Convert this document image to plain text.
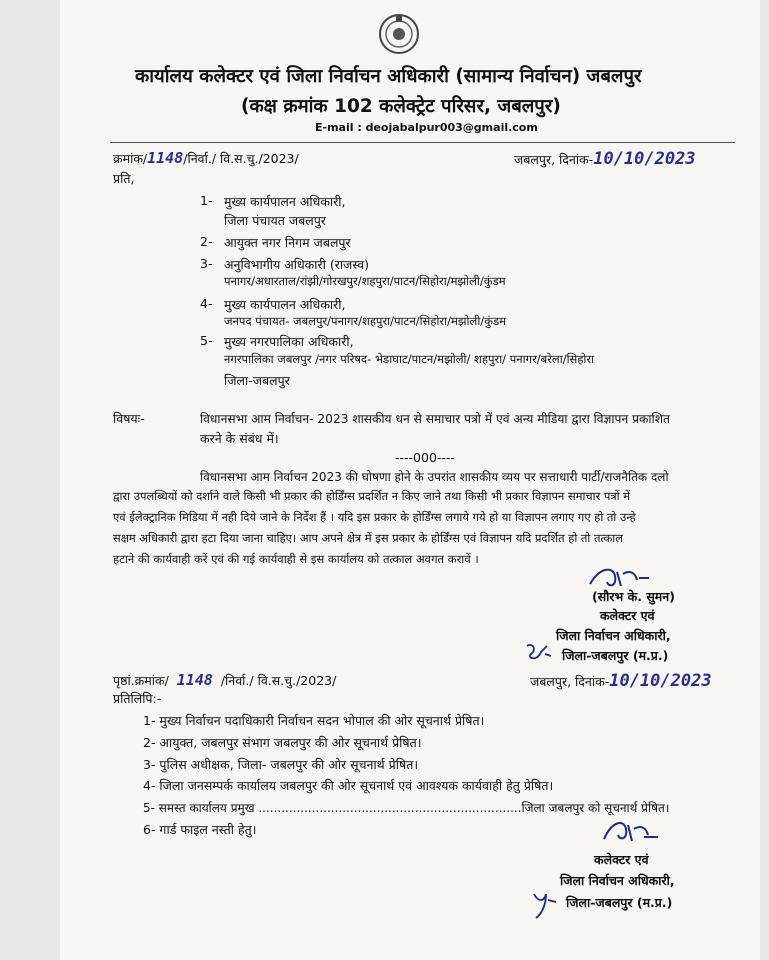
कार्यालय कलेक्टर एवं जिला निर्वाचन अधिकारी (सामान्य निर्वाचन) जबलपुर
(कक्ष क्रमांक 102 कलेक्ट्रेट परिसर, जबलपुर)
E-mail : deojabalpur003@gmail.com
क्रमांक/1148/निर्वा./ वि.स.चु./2023/	जबलपुर, दिनांक-10/10/2023
प्रति,
1- मुख्य कार्यपालन अधिकारी,
जिला पंचायत जबलपुर
2- आयुक्त नगर निगम जबलपुर
3- अनुविभागीय अधिकारी (राजस्व)
पनागर/अधारताल/रांझी/गोरखपुर/शहपुरा/पाटन/सिहोरा/मझोली/कुंडम
4- मुख्य कार्यपालन अधिकारी,
जनपद पंचायत- जबलपुर/पनागर/शहपुरा/पाटन/सिहोरा/मझोली/कुंडम
5- मुख्य नगरपालिका अधिकारी,
नगरपालिका जबलपुर /नगर परिषद- भेडाघाट/पाटन/मझोली/ शहपुरा/ पनागर/बरेला/सिहोरा
जिला-जबलपुर
विषयः-	विधानसभा आम निर्वाचन- 2023 शासकीय धन से समाचार पत्रो में एवं अन्य मीडिया द्वारा विज्ञापन प्रकाशित
करने के संबंध में।
----000----
विधानसभा आम निर्वाचन 2023 की घोषणा होने के उपरांत शासकीय व्यय पर सत्ताधारी पार्टी/राजनैतिक दलो
द्वारा उपलब्धियों को दर्शाने वाले किसी भी प्रकार की होर्डिंग्स प्रदर्शित न किए जाने तथा किसी भी प्रकार विज्ञापन समाचार पत्रों में
एवं ईलेक्ट्रानिक मिडिया में नही दिये जाने के निर्देश हैं । यदि इस प्रकार के होर्डिंग्स लगाये गये हो या विज्ञापन लगाए गए हो तो उन्हे
सक्षम अधिकारी द्वारा हटा दिया जाना चाहिए। आप अपने क्षेत्र में इस प्रकार के होर्डिंग्स एवं विज्ञापन यदि प्रदर्शित हो तो तत्काल
हटाने की कार्यवाही करें एवं की गई कार्यवाही से इस कार्यालय को तत्काल अवगत करावें ।
(सौरभ के. सुमन)
कलेक्टर एवं
जिला निर्वाचन अधिकारी,
जिला-जबलपुर (म.प्र.)
पृष्ठां.क्रमांक/ 1148 /निर्वा./ वि.स.चु./2023/	जबलपुर, दिनांक-10/10/2023
प्रतिलिपि:-
1- मुख्य निर्वाचन पदाधिकारी निर्वाचन सदन भोपाल की ओर सूचनार्थ प्रेषित।
2- आयुक्त, जबलपुर संभाग जबलपुर की ओर सूचनार्थ प्रेषित।
3- पुलिस अधीक्षक, जिला- जबलपुर की ओर सूचनार्थ प्रेषित।
4- जिला जनसम्पर्क कार्यालय जबलपुर की ओर सूचनार्थ एवं आवश्यक कार्यवाही हेतु प्रेषित।
5- समस्त कार्यालय प्रमुख .....................................................................जिला जबलपुर को सूचनार्थ प्रेषित।
6- गार्ड फाइल नस्ती हेतु।
कलेक्टर एवं
जिला निर्वाचन अधिकारी,
जिला-जबलपुर (म.प्र.)
